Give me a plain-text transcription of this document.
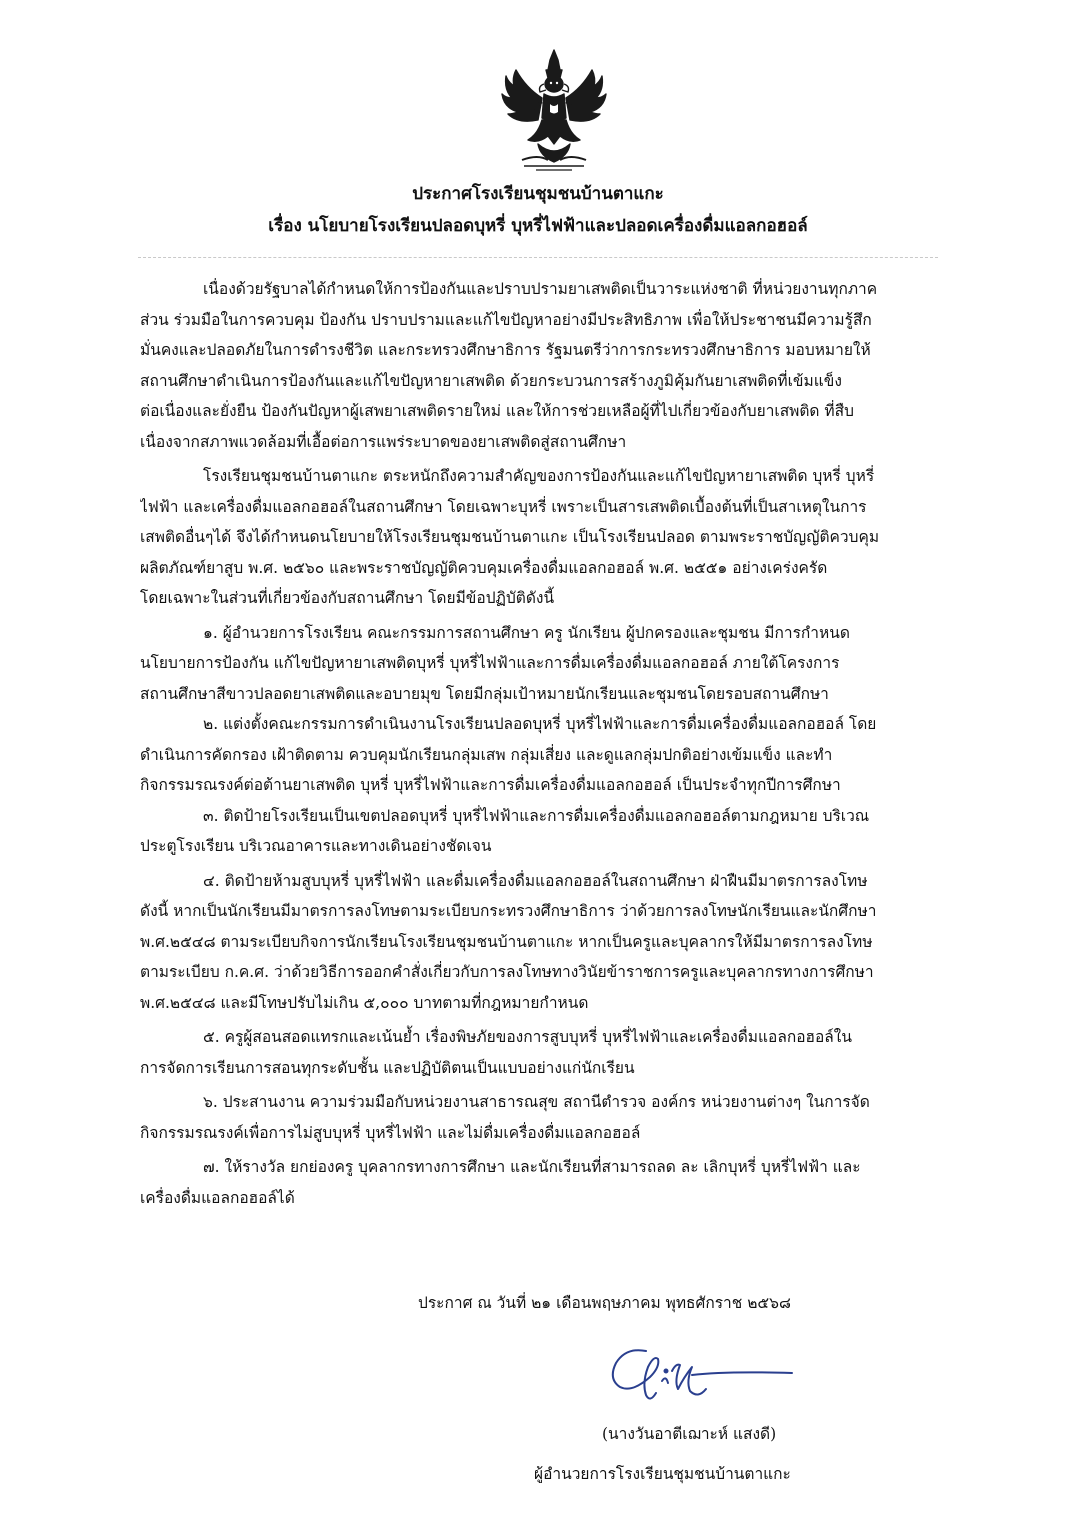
ประกาศโรงเรียนชุมชนบ้านตาแกะ
เรื่อง นโยบายโรงเรียนปลอดบุหรี่ บุหรี่ไฟฟ้าและปลอดเครื่องดื่มแอลกอฮอล์
เนื่องด้วยรัฐบาลได้กำหนดให้การป้องกันและปราบปรามยาเสพติดเป็นวาระแห่งชาติ ที่หน่วยงานทุกภาค
ส่วน ร่วมมือในการควบคุม ป้องกัน ปราบปรามและแก้ไขปัญหาอย่างมีประสิทธิภาพ เพื่อให้ประชาชนมีความรู้สึก
มั่นคงและปลอดภัยในการดำรงชีวิต และกระทรวงศึกษาธิการ รัฐมนตรีว่าการกระทรวงศึกษาธิการ มอบหมายให้
สถานศึกษาดำเนินการป้องกันและแก้ไขปัญหายาเสพติด ด้วยกระบวนการสร้างภูมิคุ้มกันยาเสพติดที่เข้มแข็ง
ต่อเนื่องและยั่งยืน ป้องกันปัญหาผู้เสพยาเสพติดรายใหม่ และให้การช่วยเหลือผู้ที่ไปเกี่ยวข้องกับยาเสพติด ที่สืบ
เนื่องจากสภาพแวดล้อมที่เอื้อต่อการแพร่ระบาดของยาเสพติดสู่สถานศึกษา
โรงเรียนชุมชนบ้านตาแกะ ตระหนักถึงความสำคัญของการป้องกันและแก้ไขปัญหายาเสพติด บุหรี่ บุหรี่
ไฟฟ้า และเครื่องดื่มแอลกอฮอล์ในสถานศึกษา โดยเฉพาะบุหรี่ เพราะเป็นสารเสพติดเบื้องต้นที่เป็นสาเหตุในการ
เสพติดอื่นๆได้ จึงได้กำหนดนโยบายให้โรงเรียนชุมชนบ้านตาแกะ เป็นโรงเรียนปลอด ตามพระราชบัญญัติควบคุม
ผลิตภัณฑ์ยาสูบ พ.ศ. ๒๕๖๐ และพระราชบัญญัติควบคุมเครื่องดื่มแอลกอฮอล์ พ.ศ. ๒๕๕๑ อย่างเคร่งครัด
โดยเฉพาะในส่วนที่เกี่ยวข้องกับสถานศึกษา โดยมีข้อปฏิบัติดังนี้
๑. ผู้อำนวยการโรงเรียน คณะกรรมการสถานศึกษา ครู นักเรียน ผู้ปกครองและชุมชน มีการกำหนด
นโยบายการป้องกัน แก้ไขปัญหายาเสพติดบุหรี่ บุหรี่ไฟฟ้าและการดื่มเครื่องดื่มแอลกอฮอล์ ภายใต้โครงการ
สถานศึกษาสีขาวปลอดยาเสพติดและอบายมุข โดยมีกลุ่มเป้าหมายนักเรียนและชุมชนโดยรอบสถานศึกษา
๒. แต่งตั้งคณะกรรมการดำเนินงานโรงเรียนปลอดบุหรี่ บุหรี่ไฟฟ้าและการดื่มเครื่องดื่มแอลกอฮอล์ โดย
ดำเนินการคัดกรอง เฝ้าติดตาม ควบคุมนักเรียนกลุ่มเสพ กลุ่มเสี่ยง และดูแลกลุ่มปกติอย่างเข้มแข็ง และทำ
กิจกรรมรณรงค์ต่อต้านยาเสพติด บุหรี่ บุหรี่ไฟฟ้าและการดื่มเครื่องดื่มแอลกอฮอล์ เป็นประจำทุกปีการศึกษา
๓. ติดป้ายโรงเรียนเป็นเขตปลอดบุหรี่ บุหรี่ไฟฟ้าและการดื่มเครื่องดื่มแอลกอฮอล์ตามกฎหมาย บริเวณ
ประตูโรงเรียน บริเวณอาคารและทางเดินอย่างชัดเจน
๔. ติดป้ายห้ามสูบบุหรี่ บุหรี่ไฟฟ้า และดื่มเครื่องดื่มแอลกอฮอล์ในสถานศึกษา ฝ่าฝืนมีมาตรการลงโทษ
ดังนี้ หากเป็นนักเรียนมีมาตรการลงโทษตามระเบียบกระทรวงศึกษาธิการ ว่าด้วยการลงโทษนักเรียนและนักศึกษา
พ.ศ.๒๕๔๘ ตามระเบียบกิจการนักเรียนโรงเรียนชุมชนบ้านตาแกะ หากเป็นครูและบุคลากรให้มีมาตรการลงโทษ
ตามระเบียบ ก.ค.ศ. ว่าด้วยวิธีการออกคำสั่งเกี่ยวกับการลงโทษทางวินัยข้าราชการครูและบุคลากรทางการศึกษา
พ.ศ.๒๕๔๘ และมีโทษปรับไม่เกิน ๕,๐๐๐ บาทตามที่กฎหมายกำหนด
๕. ครูผู้สอนสอดแทรกและเน้นย้ำ เรื่องพิษภัยของการสูบบุหรี่ บุหรี่ไฟฟ้าและเครื่องดื่มแอลกอฮอล์ใน
การจัดการเรียนการสอนทุกระดับชั้น และปฏิบัติตนเป็นแบบอย่างแก่นักเรียน
๖. ประสานงาน ความร่วมมือกับหน่วยงานสาธารณสุข สถานีตำรวจ องค์กร หน่วยงานต่างๆ ในการจัด
กิจกรรมรณรงค์เพื่อการไม่สูบบุหรี่ บุหรี่ไฟฟ้า และไม่ดื่มเครื่องดื่มแอลกอฮอล์
๗. ให้รางวัล ยกย่องครู บุคลากรทางการศึกษา และนักเรียนที่สามารถลด ละ เลิกบุหรี่ บุหรี่ไฟฟ้า และ
เครื่องดื่มแอลกอฮอล์ได้
ประกาศ ณ วันที่ ๒๑ เดือนพฤษภาคม พุทธศักราช ๒๕๖๘
(นางวันอาตีเฌาะห์ แสงดี)
ผู้อำนวยการโรงเรียนชุมชนบ้านตาแกะ
